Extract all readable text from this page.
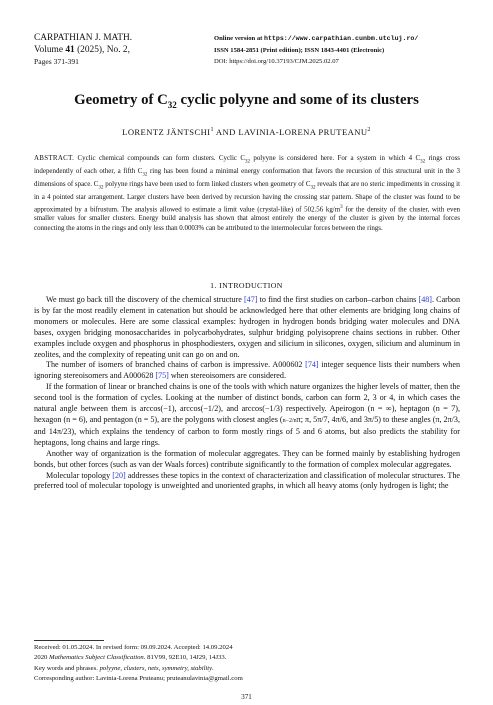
CARPATHIAN J. MATH.
Volume 41 (2025), No. 2,
Pages 371-391
Online version at https://www.carpathian.cunbm.utcluj.ro/
ISSN 1584-2851 (Print edition); ISSN 1843-4401 (Electronic)
DOI: https://doi.org/10.37193/CJM.2025.02.07
Geometry of $C_{32}$ cyclic polyyne and some of its clusters
LORENTZ JÄNTSCHI$^1$ AND LAVINIA-LORENA PRUTEANU$^2$
ABSTRACT. Cyclic chemical compounds can form clusters. Cyclic $C_{32}$ polyyne is considered here. For a system in which 4 $C_{32}$ rings cross independently of each other, a fifth $C_{32}$ ring has been found a minimal energy conformation that favors the recursion of this structural unit in the 3 dimensions of space. $C_{32}$ polyyne rings have been used to form linked clusters when geometry of $C_{32}$ reveals that are no steric impediments in crossing it in a 4 pointed star arrangement. Larger clusters have been derived by recursion having the crossing star pattern. Shape of the cluster was found to be approximated by a bifrustum. The analysis allowed to estimate a limit value (crystal-like) of 502.56 $kg/m^3$ for the density of the cluster, with even smaller values for smaller clusters. Energy build analysis has shown that almost entirely the energy of the cluster is given by the internal forces connecting the atoms in the rings and only less than 0.0003% can be attributed to the intermolecular forces between the rings.
1. INTRODUCTION

We must go back till the discovery of the chemical structure [47] to find the first studies on carbon–carbon chains [48]. Carbon is by far the most readily element in catenation but should be acknowledged here that other elements are bridging long chains of monomers or molecules. Here are some classical examples: hydrogen in hydrogen bonds bridging water molecules and DNA bases, oxygen bridging monosaccharides in polycarbohydrates, sulphur bridging polyisoprene chains sections in rubber. Other examples include oxygen and phosphorus in phosphodiesters, oxygen and silicium in silicones, oxygen, silicium and aluminum in zeolites, and the complexity of repeating unit can go on and on.

The number of isomers of branched chains of carbon is impressive. A000602 [74] integer sequence lists their numbers when ignoring stereoisomers and A000628 [75] when stereoisomers are considered.

If the formation of linear or branched chains is one of the tools with which nature organizes the higher levels of matter, then the second tool is the formation of cycles. Looking at the number of distinct bonds, carbon can form 2, 3 or 4, in which cases the natural angle between them is arccos(−1), arccos(−1/2), and arccos(−1/3) respectively. Apeirogon (n = ∞), heptagon (n = 7), hexagon (n = 6), and pentagon (n = 5), are the polygons with closest angles (n−2/nπ; π, 5π/7, 4π/6, and 3π/5) to these angles (π, 2π/3, and 14π/23), which explains the tendency of carbon to form mostly rings of 5 and 6 atoms, but also predicts the stability for heptagons, long chains and large rings.

Another way of organization is the formation of molecular aggregates. They can be formed mainly by establishing hydrogen bonds, but other forces (such as van der Waals forces) contribute significantly to the formation of complex molecular aggregates.

Molecular topology [20] addresses these topics in the context of characterization and classification of molecular structures. The preferred tool of molecular topology is unweighted and unoriented graphs, in which all heavy atoms (only hydrogen is light; the

Received: 01.05.2024. In revised form: 09.09.2024. Accepted: 14.09.2024
2020 Mathematics Subject Classification. 81V99, 92E10, 14J29, 14J33.
Key words and phrases. polyyne, clusters, nets, symmetry, stability.
Corresponding author: Lavinia-Lorena Pruteanu; pruteanulavinia@gmail.com
371
